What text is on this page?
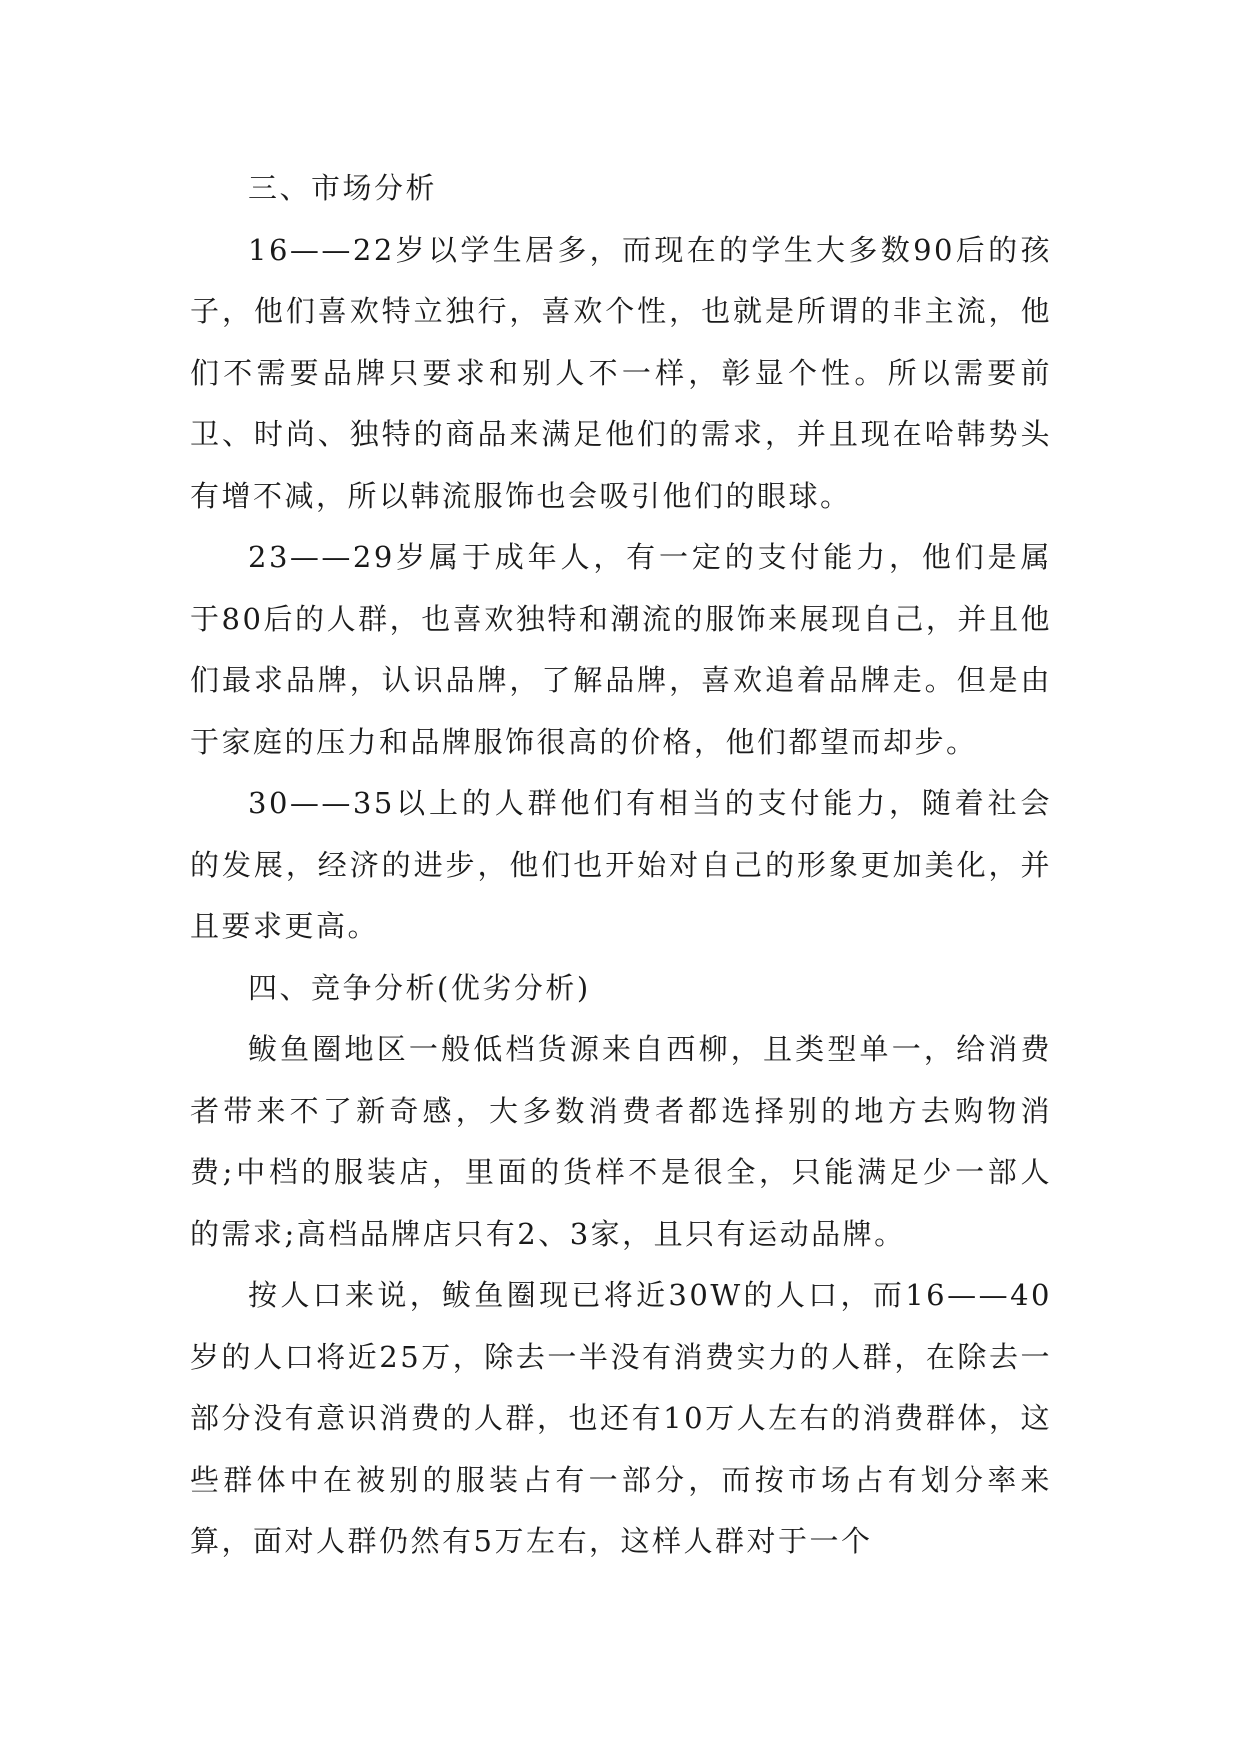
三、市场分析

16——22岁以学生居多，而现在的学生大多数90后的孩子，他们喜欢特立独行，喜欢个性，也就是所谓的非主流，他们不需要品牌只要求和别人不一样，彰显个性。所以需要前卫、时尚、独特的商品来满足他们的需求，并且现在哈韩势头有增不减，所以韩流服饰也会吸引他们的眼球。

23——29岁属于成年人，有一定的支付能力，他们是属于80后的人群，也喜欢独特和潮流的服饰来展现自己，并且他们最求品牌，认识品牌，了解品牌，喜欢追着品牌走。但是由于家庭的压力和品牌服饰很高的价格，他们都望而却步。

30——35以上的人群他们有相当的支付能力，随着社会的发展，经济的进步，他们也开始对自己的形象更加美化，并且要求更高。

四、竞争分析(优劣分析)

鲅鱼圈地区一般低档货源来自西柳，且类型单一，给消费者带来不了新奇感，大多数消费者都选择别的地方去购物消费;中档的服装店，里面的货样不是很全，只能满足少一部人的需求;高档品牌店只有2、3家，且只有运动品牌。

按人口来说，鲅鱼圈现已将近30W的人口，而16——40岁的人口将近25万，除去一半没有消费实力的人群，在除去一部分没有意识消费的人群，也还有10万人左右的消费群体，这些群体中在被别的服装占有一部分，而按市场占有划分率来算，面对人群仍然有5万左右，这样人群对于一个
